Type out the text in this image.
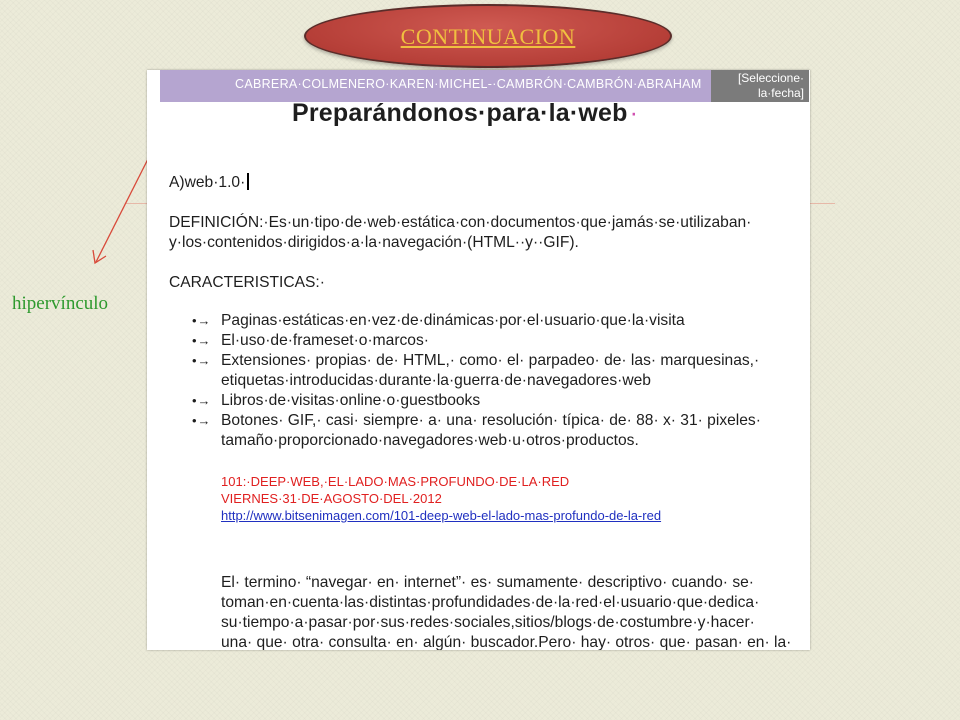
CONTINUACION
hipervínculo
CABRERA·COLMENERO·KAREN·MICHEL-·CAMBRÓN·CAMBRÓN·ABRAHAM	[Seleccione·
la·fecha]
Preparándonos·para·la·web·
A)web·1.0·
DEFINICIÓN:·Es·un·tipo·de·web·estática·con·documentos·que·jamás·se·utilizaban·
y·los·contenidos·dirigidos·a·la·navegación·(HTML··y··GIF).
CARACTERISTICAS:·
•→ Paginas·estáticas·en·vez·de·dinámicas·por·el·usuario·que·la·visita
•→ El·uso·de·frameset·o·marcos·
•→ Extensiones· propias· de· HTML,· como· el· parpadeo· de· las· marquesinas,·
etiquetas·introducidas·durante·la·guerra·de·navegadores·web
•→ Libros·de·visitas·online·o·guestbooks
•→ Botones· GIF,· casi· siempre· a· una· resolución· típica· de· 88· x· 31· pixeles·
tamaño·proporcionado·navegadores·web·u·otros·productos.
101:·DEEP·WEB,·EL·LADO·MAS·PROFUNDO·DE·LA·RED
VIERNES·31·DE·AGOSTO·DEL·2012
http://www.bitsenimagen.com/101-deep-web-el-lado-mas-profundo-de-la-red
El· termino· “navegar· en· internet”· es· sumamente· descriptivo· cuando· se·
toman·en·cuenta·las·distintas·profundidades·de·la·red·el·usuario·que·dedica·
su·tiempo·a·pasar·por·sus·redes·sociales,sitios/blogs·de·costumbre·y·hacer·
una· que· otra· consulta· en· algún· buscador.Pero· hay· otros· que· pasan· en· la·
